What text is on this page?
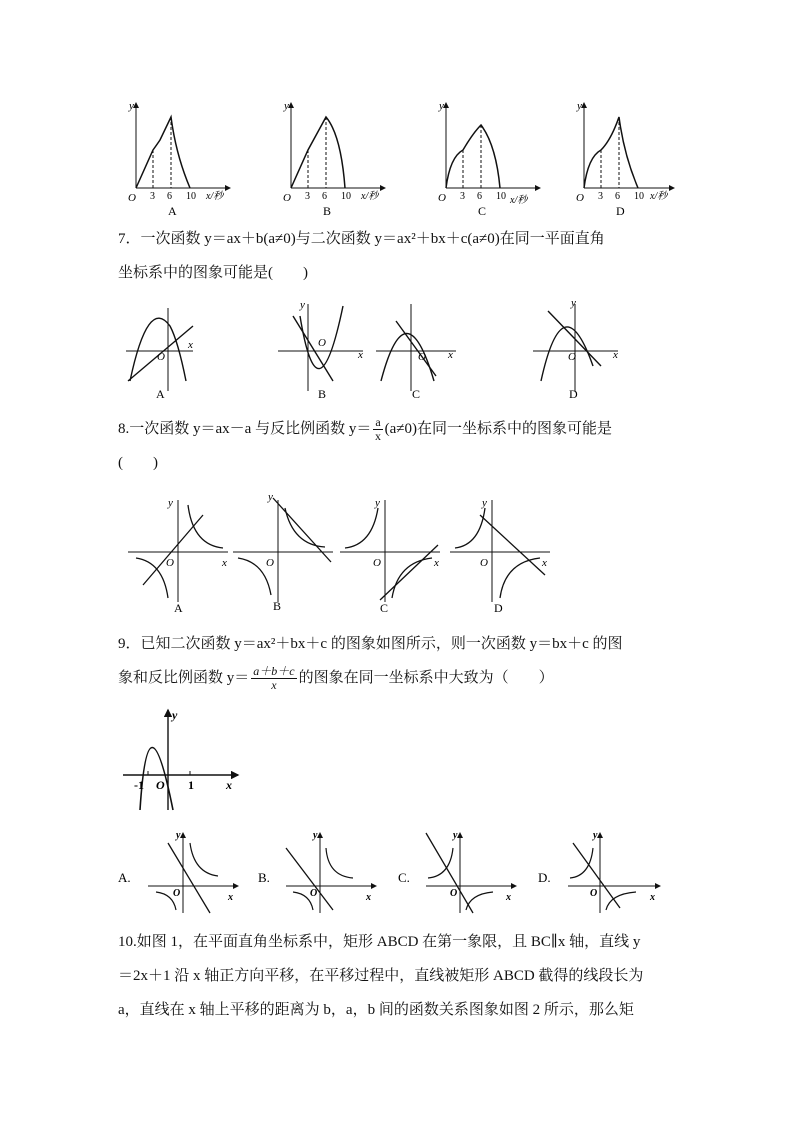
O
y
3 6 10 x/秒
A
O
y
3 6 10 x/秒
B
O
y
3 6 10 x/秒
C
O
y
3 6 10 x/秒
D
7．一次函数 y＝ax＋b(a≠0)与二次函数 y＝ax²＋bx＋c(a≠0)在同一平面直角
坐标系中的图象可能是(　　)
O
x
A
O
y
x
B
O x
C
O
y
x
D
8.一次函数 y＝ax－a 与反比例函数 $y= \frac{a}{x} (a\ne 0)$在同一坐标系中的图象可能是
(　　)
O
y
x
A
O
y
B
O
y
x
C
O
y
x
D
9．已知二次函数 y＝ax²＋bx＋c 的图象如图所示，则一次函数 y＝bx＋c 的图
象和反比例函数 $y= \frac{a+b+c}{x}$ 的图象在同一坐标系中大致为（　　）
-1	1
O
y
x
A.
O
y
x
B.
O
y
x
C.
O
y
x
D.
O
y
x
10.如图 1，在平面直角坐标系中，矩形 ABCD 在第一象限，且 BC∥x 轴，直线 y
＝2x＋1 沿 x 轴正方向平移，在平移过程中，直线被矩形 ABCD 截得的线段长为
a，直线在 x 轴上平移的距离为 b，a，b 间的函数关系图象如图 2 所示，那么矩
